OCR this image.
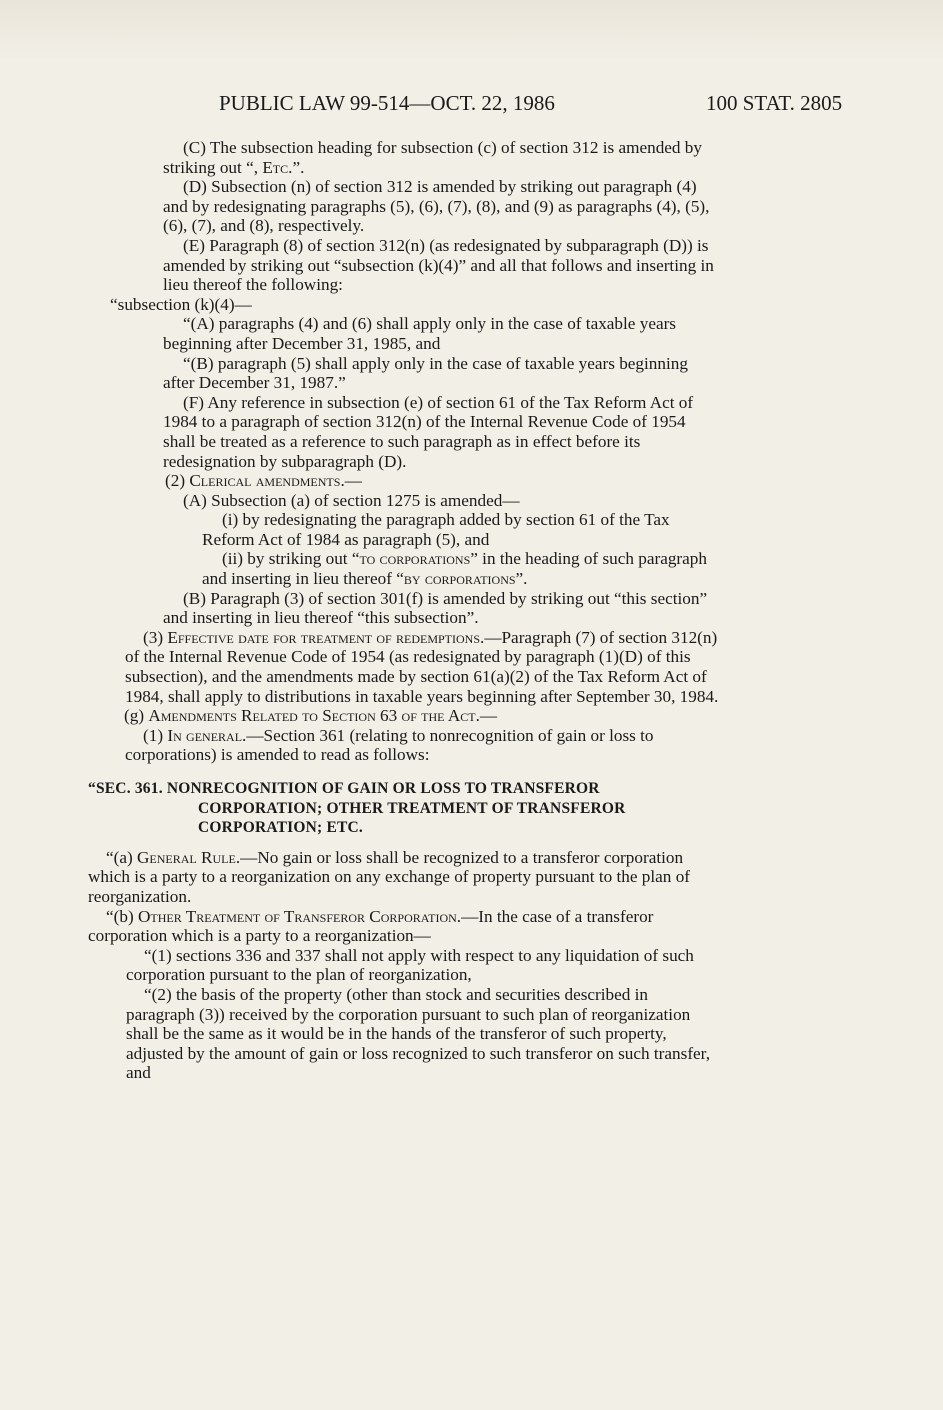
PUBLIC LAW 99-514—OCT. 22, 1986	100 STAT. 2805

(C) The subsection heading for subsection (c) of section 312 is amended by striking out “, Etc.”.

(D) Subsection (n) of section 312 is amended by striking out paragraph (4) and by redesignating paragraphs (5), (6), (7), (8), and (9) as paragraphs (4), (5), (6), (7), and (8), respectively.

(E) Paragraph (8) of section 312(n) (as redesignated by subparagraph (D)) is amended by striking out “subsection (k)(4)” and all that follows and inserting in lieu thereof the following:

“subsection (k)(4)—

“(A) paragraphs (4) and (6) shall apply only in the case of taxable years beginning after December 31, 1985, and

“(B) paragraph (5) shall apply only in the case of taxable years beginning after December 31, 1987.”

(F) Any reference in subsection (e) of section 61 of the Tax Reform Act of 1984 to a paragraph of section 312(n) of the Internal Revenue Code of 1954 shall be treated as a reference to such paragraph as in effect before its redesignation by subparagraph (D).

(2) Clerical amendments.—

(A) Subsection (a) of section 1275 is amended—

(i) by redesignating the paragraph added by section 61 of the Tax Reform Act of 1984 as paragraph (5), and

(ii) by striking out “to corporations” in the heading of such paragraph and inserting in lieu thereof “by corporations”.

(B) Paragraph (3) of section 301(f) is amended by striking out “this section” and inserting in lieu thereof “this subsection”.

(3) Effective date for treatment of redemptions.—Paragraph (7) of section 312(n) of the Internal Revenue Code of 1954 (as redesignated by paragraph (1)(D) of this subsection), and the amendments made by section 61(a)(2) of the Tax Reform Act of 1984, shall apply to distributions in taxable years beginning after September 30, 1984.

(g) Amendments Related to Section 63 of the Act.—

(1) In general.—Section 361 (relating to nonrecognition of gain or loss to corporations) is amended to read as follows:

“SEC. 361. NONRECOGNITION OF GAIN OR LOSS TO TRANSFEROR CORPORATION; OTHER TREATMENT OF TRANSFEROR CORPORATION; ETC.

“(a) General Rule.—No gain or loss shall be recognized to a transferor corporation which is a party to a reorganization on any exchange of property pursuant to the plan of reorganization.

“(b) Other Treatment of Transferor Corporation.—In the case of a transferor corporation which is a party to a reorganization—

“(1) sections 336 and 337 shall not apply with respect to any liquidation of such corporation pursuant to the plan of reorganization,

“(2) the basis of the property (other than stock and securities described in paragraph (3)) received by the corporation pursuant to such plan of reorganization shall be the same as it would be in the hands of the transferor of such property, adjusted by the amount of gain or loss recognized to such transferor on such transfer, and
